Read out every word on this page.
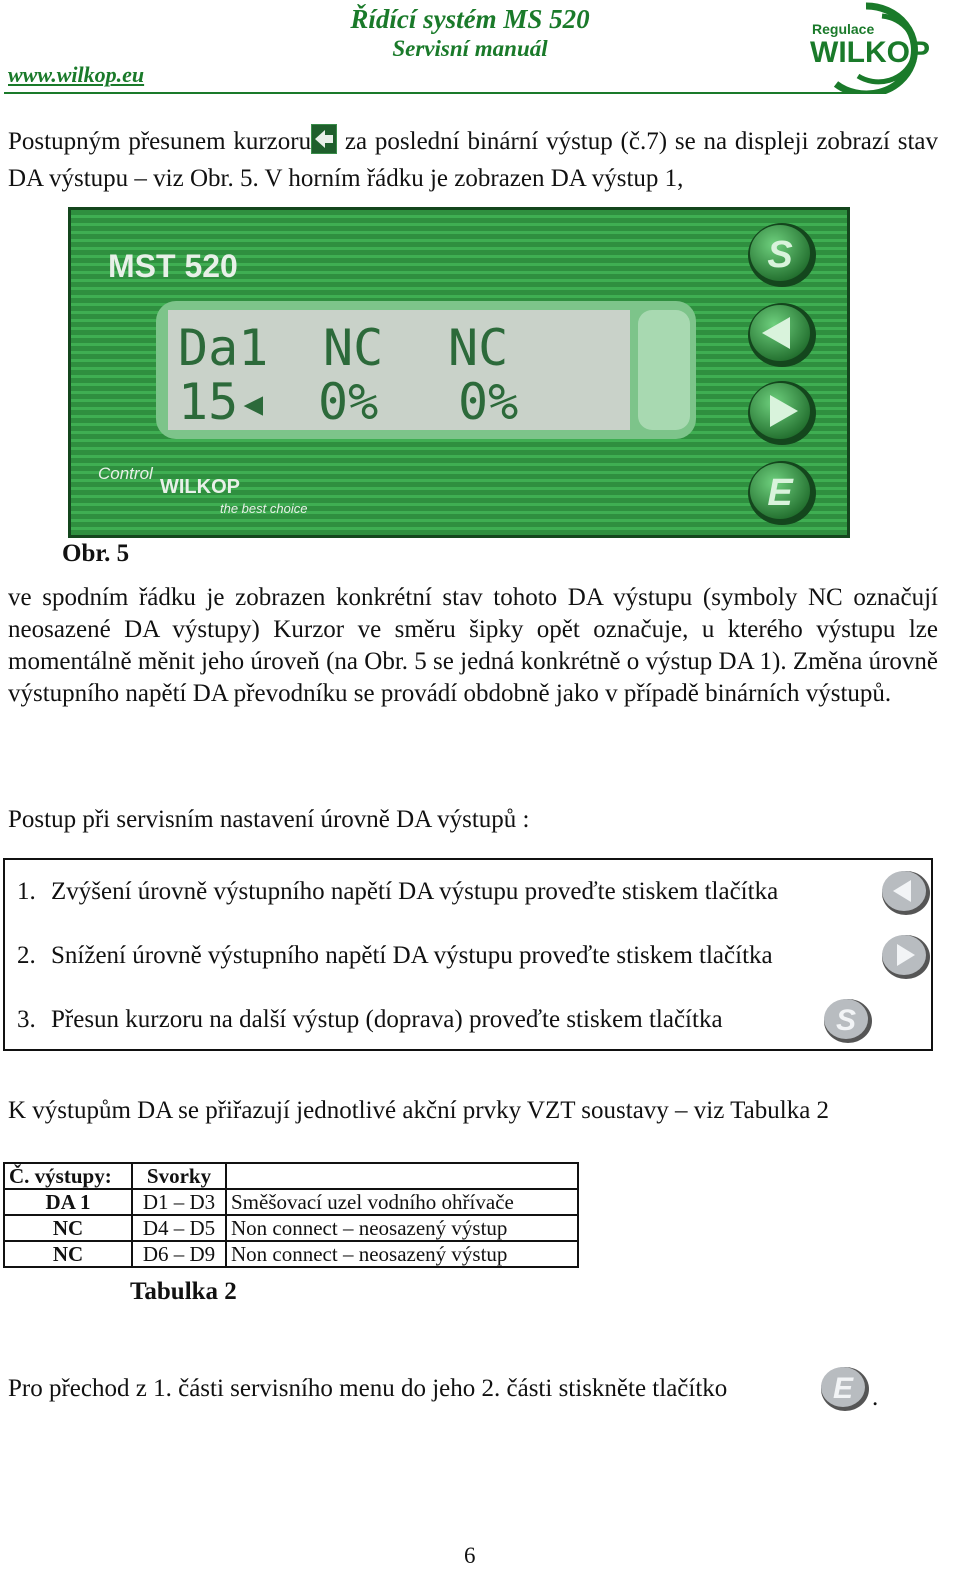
www.wilkop.eu
Řídící systém MS 520
Servisní manuál
Regulace
WILKOP

Postupným přesunem kurzoru za poslední binární výstup (č.7) se na displeji zobrazí stav DA výstupu – viz Obr. 5. V horním řádku je zobrazen DA výstup 1,

MST 520
Da1 NC NC
15◂ 0% 0%
S
E
Control
WILKOP
the best choice
Obr. 5

ve spodním řádku je zobrazen konkrétní stav tohoto DA výstupu (symboly NC označují neosazené DA výstupy) Kurzor ve směru šipky opět označuje, u kterého výstupu lze momentálně měnit jeho úroveň (na Obr. 5 se jedná konkrétně o výstup DA 1). Změna úrovně výstupního napětí DA převodníku se provádí obdobně jako v případě binárních výstupů.

Postup při servisním nastavení úrovně DA výstupů :
1. Zvýšení úrovně výstupního napětí DA výstupu proveďte stiskem tlačítka
2. Snížení úrovně výstupního napětí DA výstupu proveďte stiskem tlačítka
3. Přesun kurzoru na další výstup (doprava) proveďte stiskem tlačítka	S
K výstupům DA se přiřazují jednotlivé akční prvky VZT soustavy – viz Tabulka 2
Č. výstupy:	Svorky	
DA 1	D1 – D3	Směšovací uzel vodního ohřívače
NC	D4 – D5	Non connect – neosazený výstup
NC	D6 – D9	Non connect – neosazený výstup
Tabulka 2
Pro přechod z 1. části servisního menu do jeho 2. části stiskněte tlačítko	E .
6
